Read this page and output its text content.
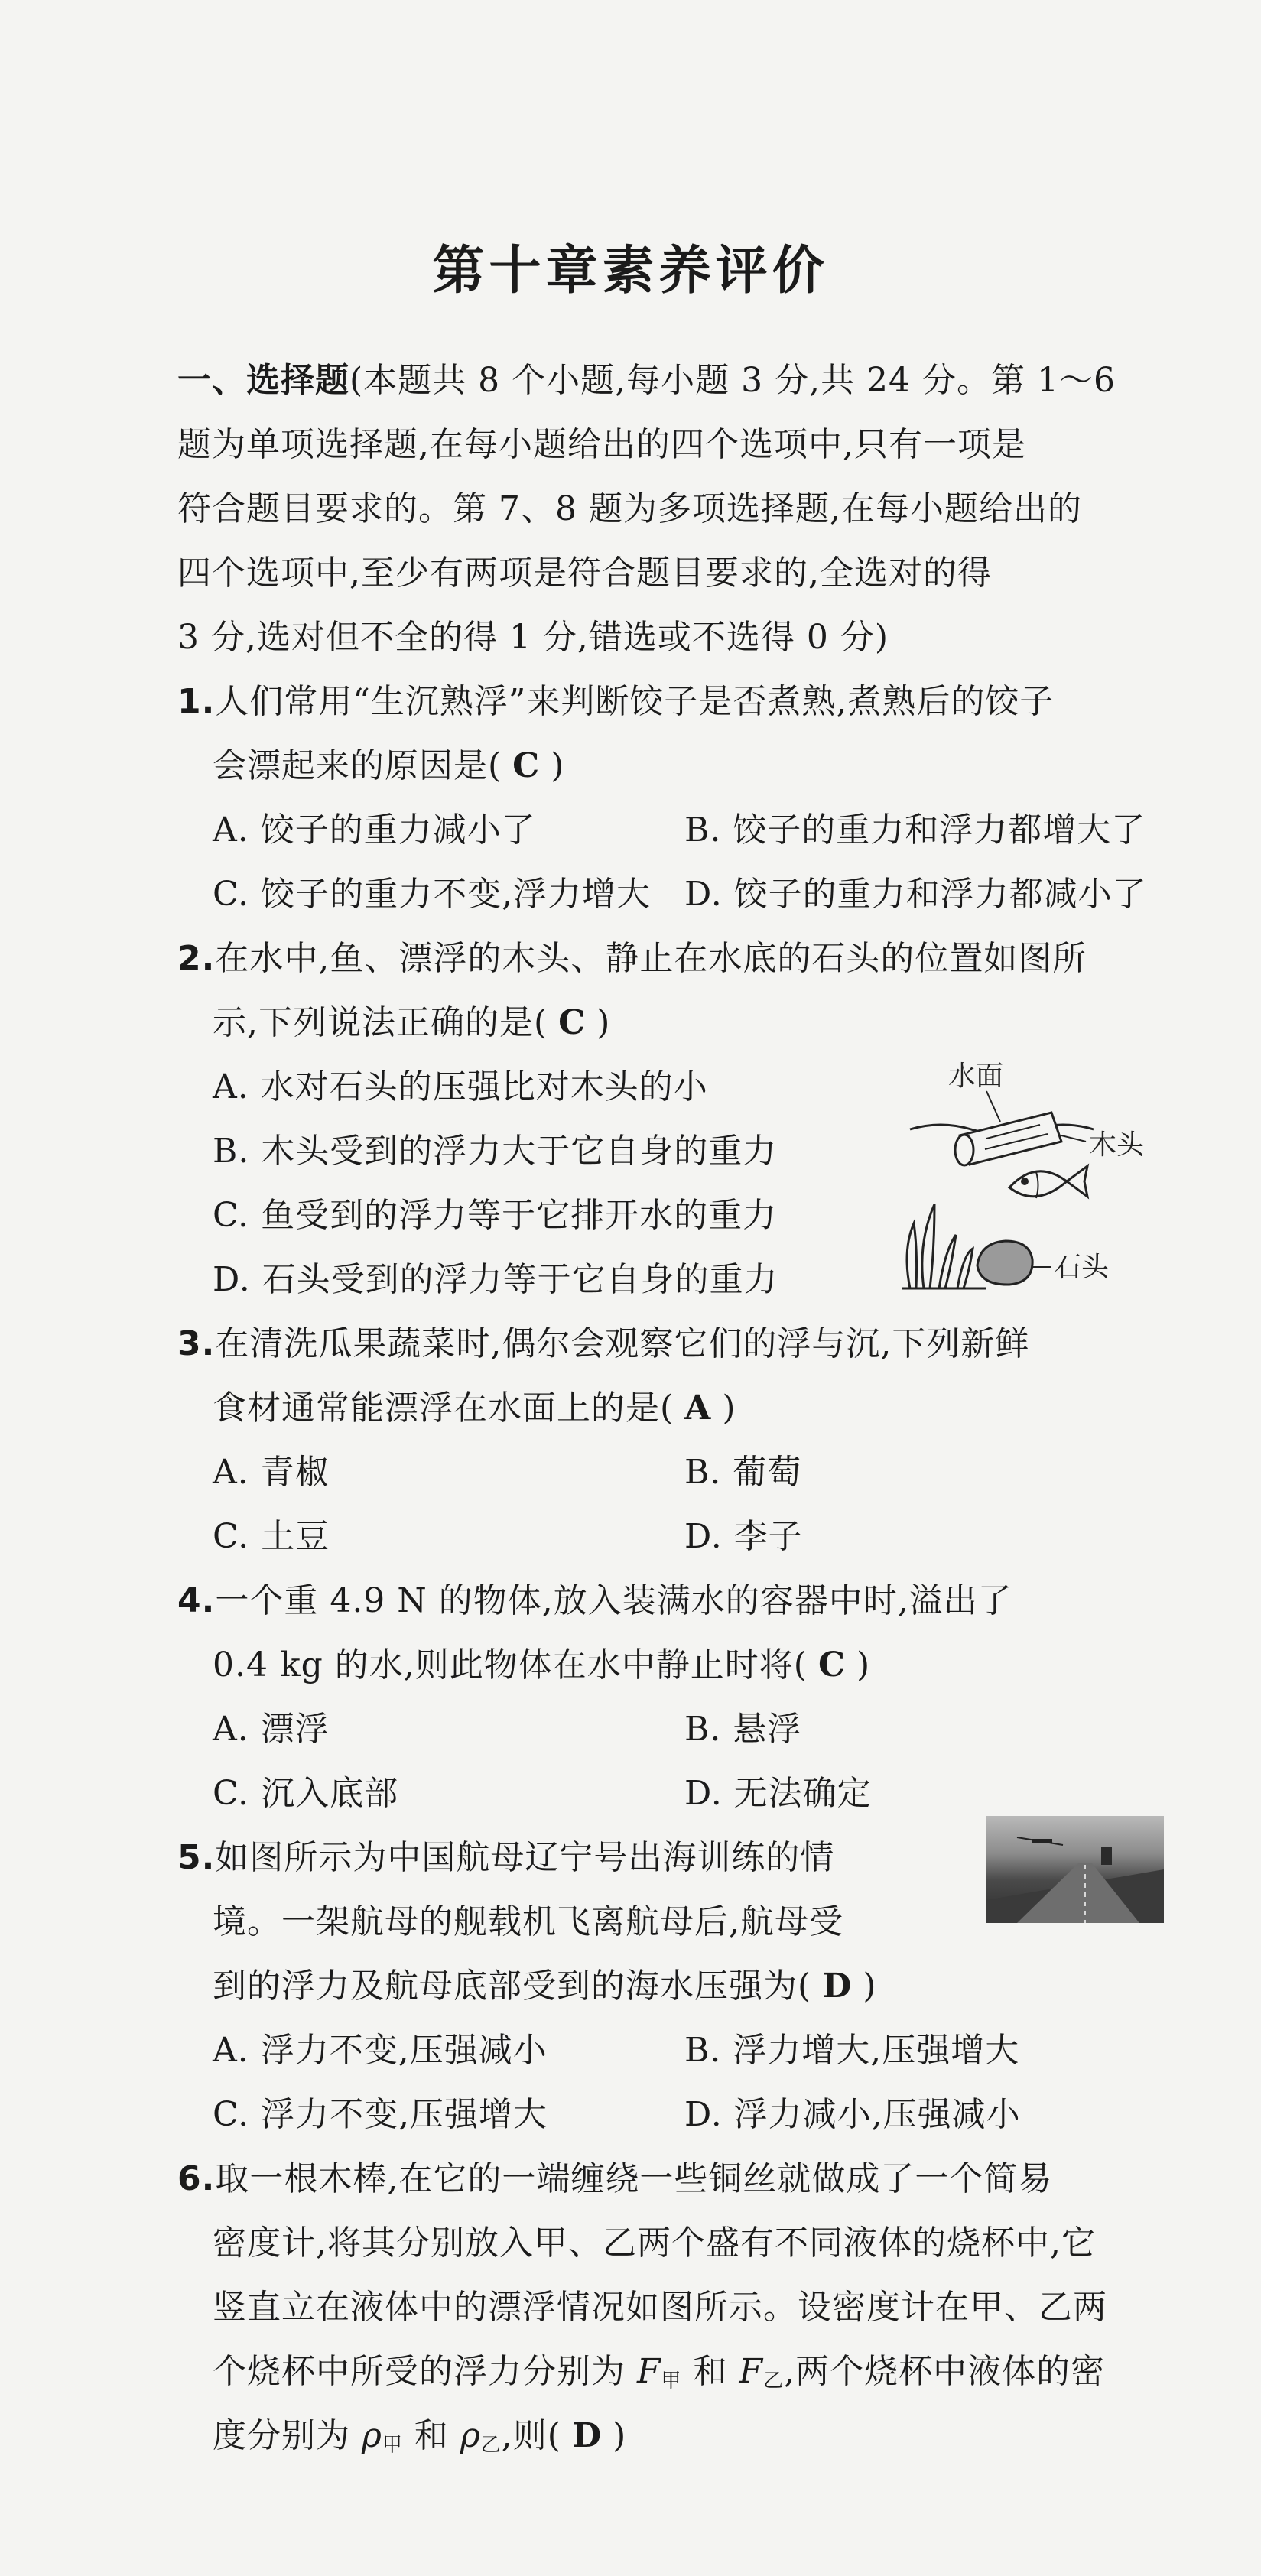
第十章素养评价
一、选择题(本题共 8 个小题,每小题 3 分,共 24 分。第 1～6
题为单项选择题,在每小题给出的四个选项中,只有一项是
符合题目要求的。第 7、8 题为多项选择题,在每小题给出的
四个选项中,至少有两项是符合题目要求的,全选对的得
3 分,选对但不全的得 1 分,错选或不选得 0 分)
1.人们常用“生沉熟浮”来判断饺子是否煮熟,煮熟后的饺子
会漂起来的原因是( C )
A. 饺子的重力减小了	B. 饺子的重力和浮力都增大了
C. 饺子的重力不变,浮力增大 D. 饺子的重力和浮力都减小了
2.在水中,鱼、漂浮的木头、静止在水底的石头的位置如图所
示,下列说法正确的是( C )
A. 水对石头的压强比对木头的小
B. 木头受到的浮力大于它自身的重力
C. 鱼受到的浮力等于它排开水的重力
D. 石头受到的浮力等于它自身的重力
水面
木头
石头
3.在清洗瓜果蔬菜时,偶尔会观察它们的浮与沉,下列新鲜
食材通常能漂浮在水面上的是( A )
A. 青椒	B. 葡萄
C. 土豆	D. 李子
4.一个重 4.9 N 的物体,放入装满水的容器中时,溢出了
0.4 kg 的水,则此物体在水中静止时将( C )
A. 漂浮	B. 悬浮
C. 沉入底部	D. 无法确定
5.如图所示为中国航母辽宁号出海训练的情
境。一架航母的舰载机飞离航母后,航母受
到的浮力及航母底部受到的海水压强为( D )
A. 浮力不变,压强减小	B. 浮力增大,压强增大
C. 浮力不变,压强增大	D. 浮力减小,压强减小
6.取一根木棒,在它的一端缠绕一些铜丝就做成了一个简易
密度计,将其分别放入甲、乙两个盛有不同液体的烧杯中,它
竖直立在液体中的漂浮情况如图所示。设密度计在甲、乙两
个烧杯中所受的浮力分别为 $F_甲$ 和 $F_乙$,两个烧杯中液体的密
度分别为 $\rho_甲$ 和 $\rho_乙$,则( D )
